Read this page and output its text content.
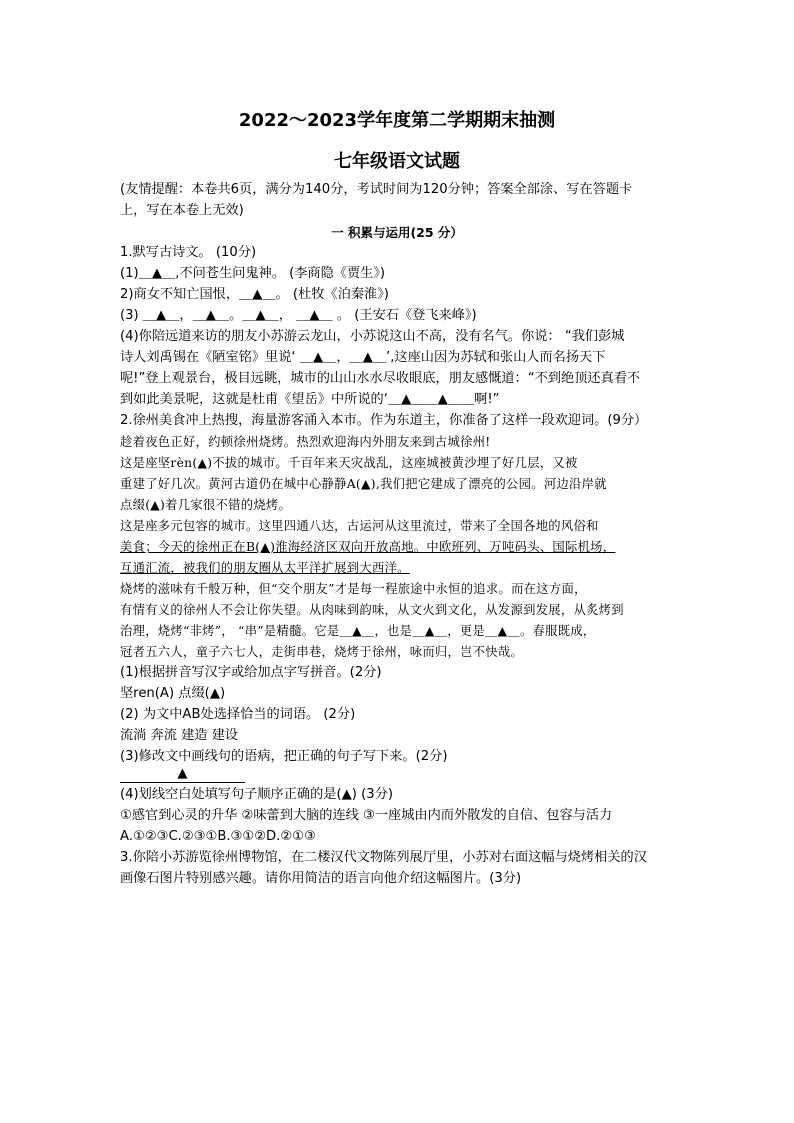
2022～2023学年度第二学期期末抽测
七年级语文试题
(友情提醒：本卷共6页，满分为140分，考试时间为120分钟；答案全部涂、写在答题卡
上，写在本卷上无效)
一 积累与运用(25 分）
1.默写古诗文。 (10分)
(1)＿▲＿,不问苍生问鬼神。 (李商隐《贾生》)
2)商女不知亡国恨，＿▲＿。 (杜牧《泊秦淮》)
(3) ＿▲＿，＿▲＿。＿▲＿， ＿▲＿ 。 (王安石《登飞来峰》)
(4)你陪远道来访的朋友小苏游云龙山，小苏说这山不高，没有名气。你说： “我们彭城
诗人刘禹锡在《陋室铭》里说‘ ＿▲＿，＿▲＿’,这座山因为苏轼和张山人而名扬天下
呢!”登上观景台，极目远眺，城市的山山水水尽收眼底，朋友感慨道：“不到绝顶还真看不
到如此美景呢，这就是杜甫《望岳》中所说的‘＿▲＿＿▲＿＿啊!”
2.徐州美食冲上热搜，海量游客涌入本市。作为东道主，你准备了这样一段欢迎词。(9分）
趁着夜色正好，约顿徐州烧烤。热烈欢迎海内外朋友来到古城徐州!
这是座坚rèn(▲)不拔的城市。千百年来天灾战乱，这座城被黄沙埋了好几层，又被
重建了好几次。黄河古道仍在城中心静静A(▲),我们把它建成了漂亮的公园。河边沿岸就
点缀(▲)着几家很不错的烧烤。
这是座多元包容的城市。这里四通八达，古运河从这里流过，带来了全国各地的风俗和
美食；今天的徐州正在B(▲)淮海经济区双向开放高地。中欧班列、万吨码头、国际机场，
互通汇流，被我们的朋友圈从太平洋扩展到大西洋。
烧烤的滋味有千般万种，但“交个朋友”才是每一程旅途中永恒的追求。而在这方面，
有情有义的徐州人不会让你失望。从肉味到韵味，从文火到文化，从发源到发展，从炙烤到
治理，烧烤“非烤”， “串”是精髓。它是＿▲＿，也是＿▲＿，更是＿▲＿。春服既成，
冠者五六人，童子六七人，走街串巷，烧烤于徐州，咏而归，岂不快哉。
(1)根据拼音写汉字或给加点字写拼音。(2分)
坚ren(A) 点缀(▲)
(2) 为文中AB处选择恰当的词语。 (2分)
流淌 奔流 建造 建设
(3)修改文中画线句的语病，把正确的句子写下来。(2分)
▲
(4)划线空白处填写句子顺序正确的是(▲) (3分)
①感官到心灵的升华 ②味蕾到大脑的连线 ③一座城由内而外散发的自信、包容与活力
A.①②③C.②③①B.③①②D.②①③
3.你陪小苏游览徐州博物馆，在二楼汉代文物陈列展厅里，小苏对右面这幅与烧烤相关的汉
画像石图片特别感兴趣。请你用简洁的语言向他介绍这幅图片。(3分)
